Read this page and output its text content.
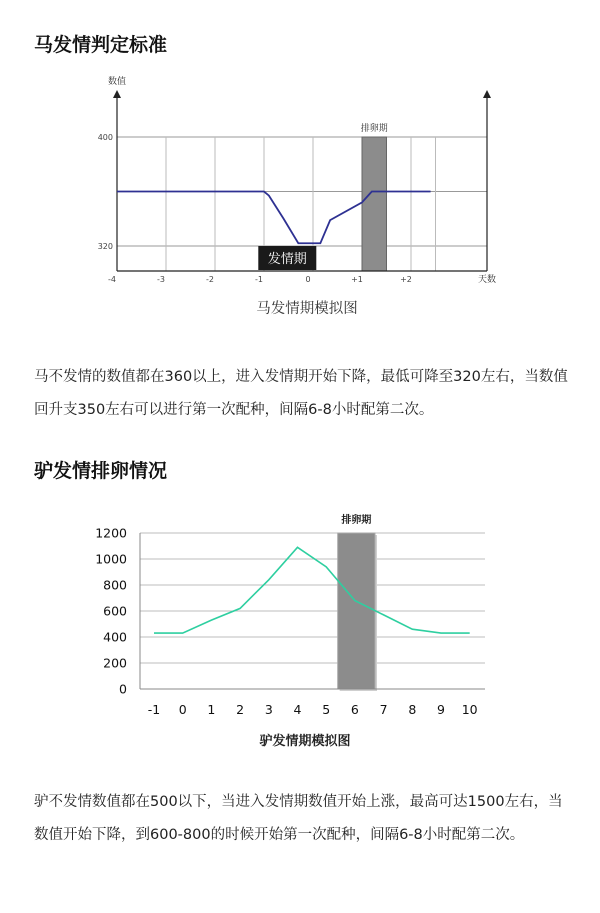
马发情判定标准
排卵期
数值
天数
-4	-3	-2	-1	0	+1	+2
400
320
发情期
马发情期模拟图

马不发情的数值都在360以上，进入发情期开始下降，最低可降至320左右，当数值回升支350左右可以进行第一次配种，间隔6-8小时配第二次。

驴发情排卵情况
排卵期
-1 0 1 2 3 4 5 6 7 8 9 10
1200
1000
800
600
400
200
0
驴发情期模拟图

驴不发情数值都在500以下，当进入发情期数值开始上涨，最高可达1500左右，当数值开始下降，到600-800的时候开始第一次配种，间隔6-8小时配第二次。
